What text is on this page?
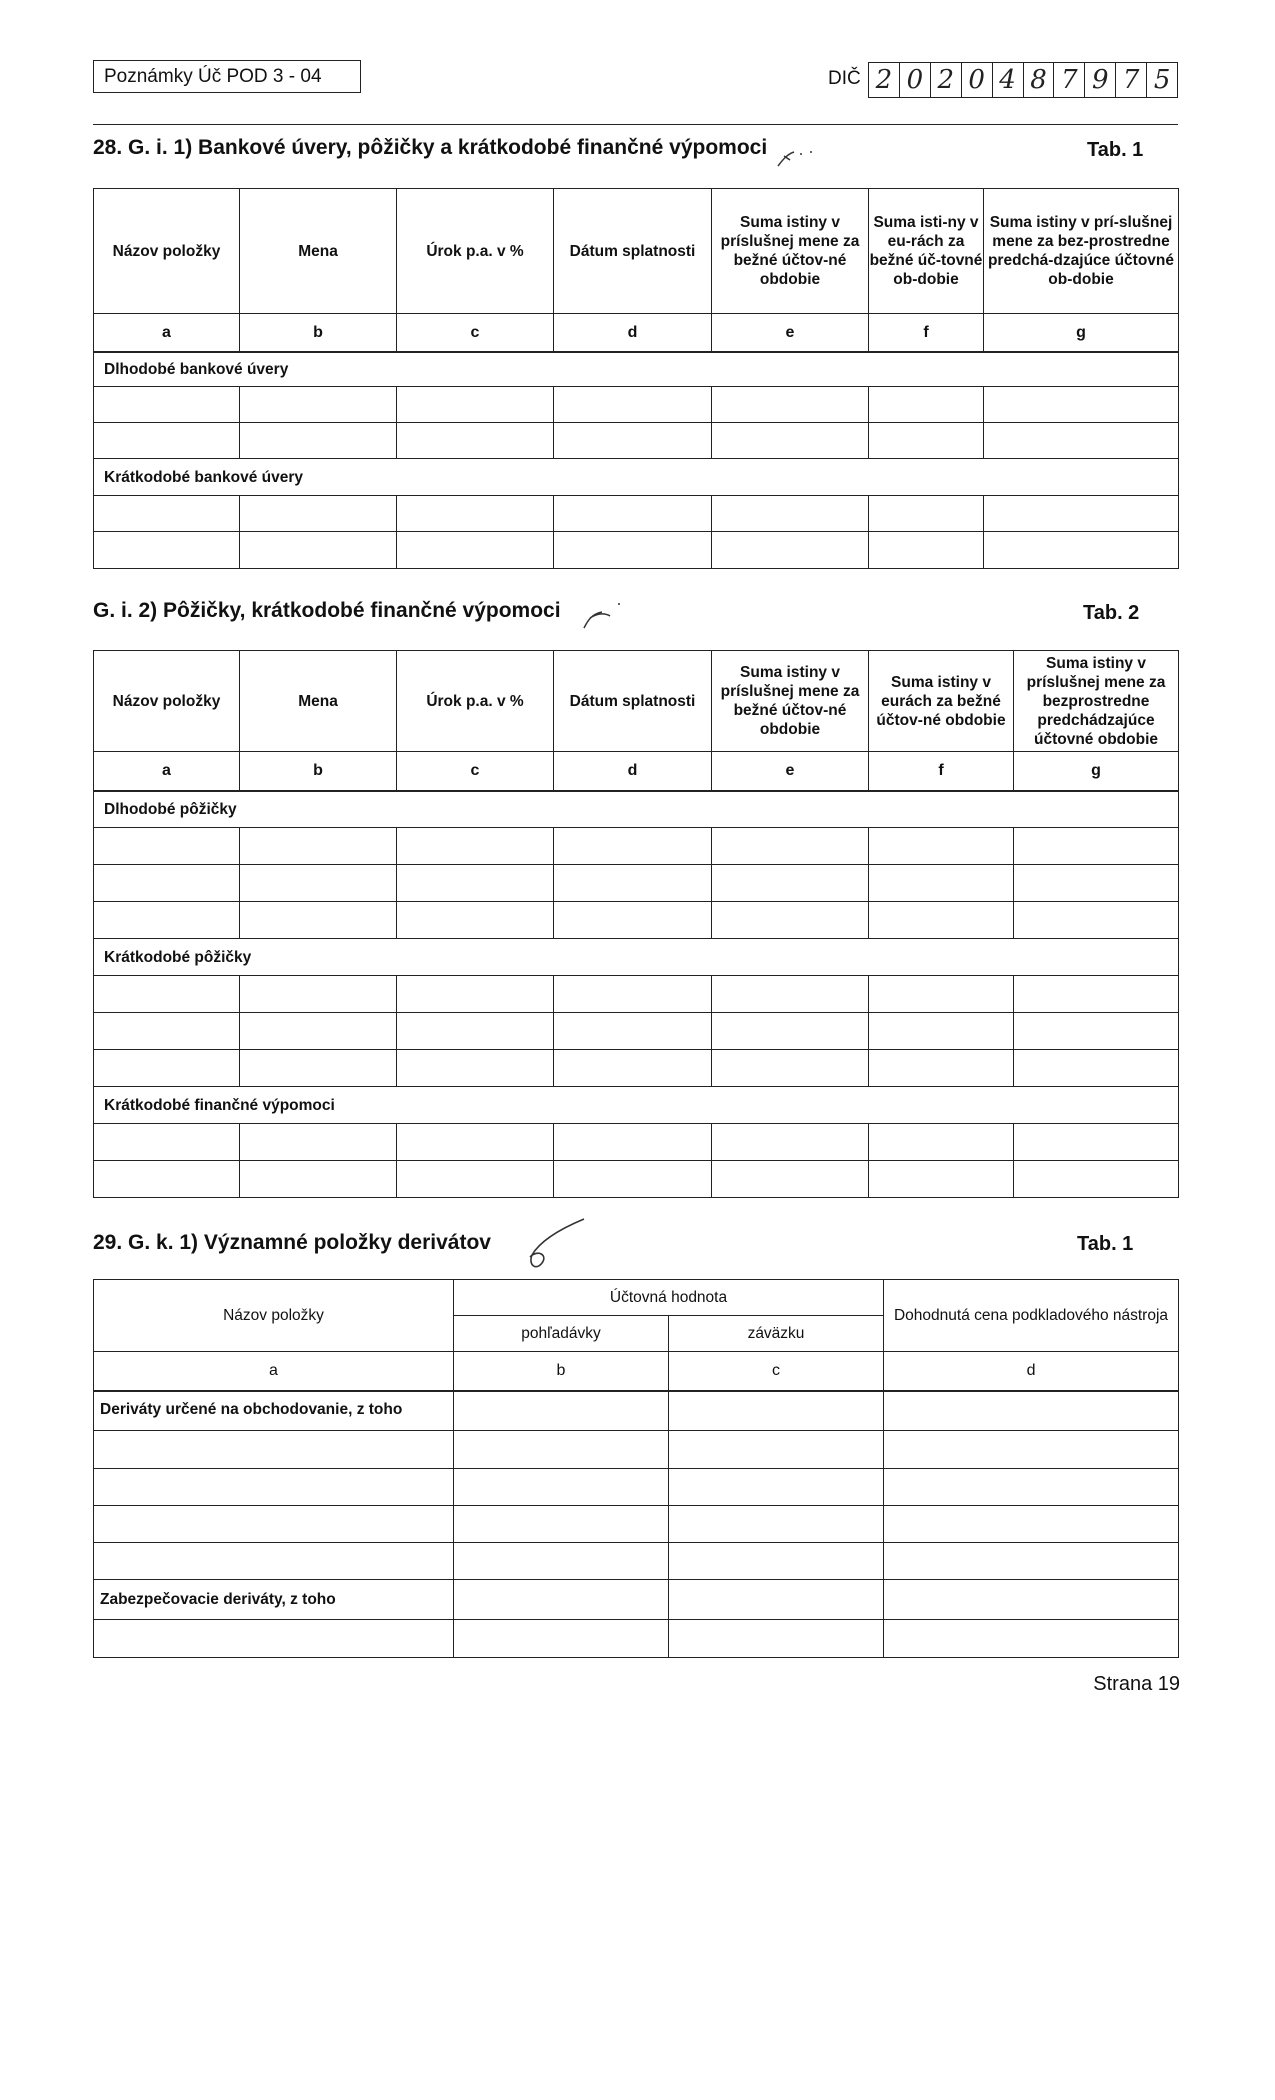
Poznámky Úč POD 3 - 04	DIČ 2 0 2 0 4 8 7 9 7 5
28. G. i. 1) Bankové úvery, pôžičky a krátkodobé finančné výpomoci	Tab. 1
Názov položky	Mena	Úrok p.a. v %	Dátum splatnosti	Suma istiny v príslušnej mene za bežné účtov-né obdobie	Suma isti-ny v eu-rách za bežné úč-tovné ob-dobie	Suma istiny v prí-slušnej mene za bez-prostredne predchá-dzajúce účtovné ob-dobie
a	b	c	d	e	f	g
Dlhodobé bankové úvery						

Krátkodobé bankové úvery						

G. i. 2) Pôžičky, krátkodobé finančné výpomoci	Tab. 2
Názov položky	Mena	Úrok p.a. v %	Dátum splatnosti	Suma istiny v príslušnej mene za bežné účtov-né obdobie	Suma istiny v eurách za bežné účtov-né obdobie	Suma istiny v príslušnej mene za bezprostredne predchádzajúce účtovné obdobie
a	b	c	d	e	f	g
Dlhodobé pôžičky						

Krátkodobé pôžičky						

Krátkodobé finančné výpomoci						

29. G. k. 1) Významné položky derivátov	Tab. 1
Názov položky	Účtovná hodnota		Dohodnutá cena podkladového nástroja
	pohľadávky	záväzku	
a	b	c	d
Deriváty určené na obchodovanie, z toho			

Zabezpečovacie deriváty, z toho			

Strana 19
